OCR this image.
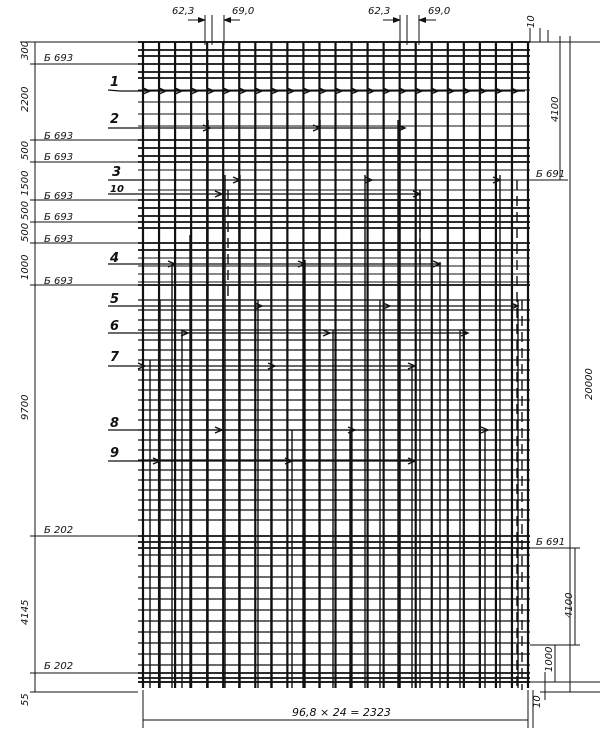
62,3	69,0	62,3	69,0
10
300
2200
500
1500
500
500
1000
9700
4145
55
Б 693
Б 693
Б 693
Б 693
Б 693
Б 693
Б 693
Б 202
Б 202
Б 691
Б 691
4100
20000
4100
1000
1
2
3
10
4
5
6
7
8
9
96,8 × 24 = 2323
10
